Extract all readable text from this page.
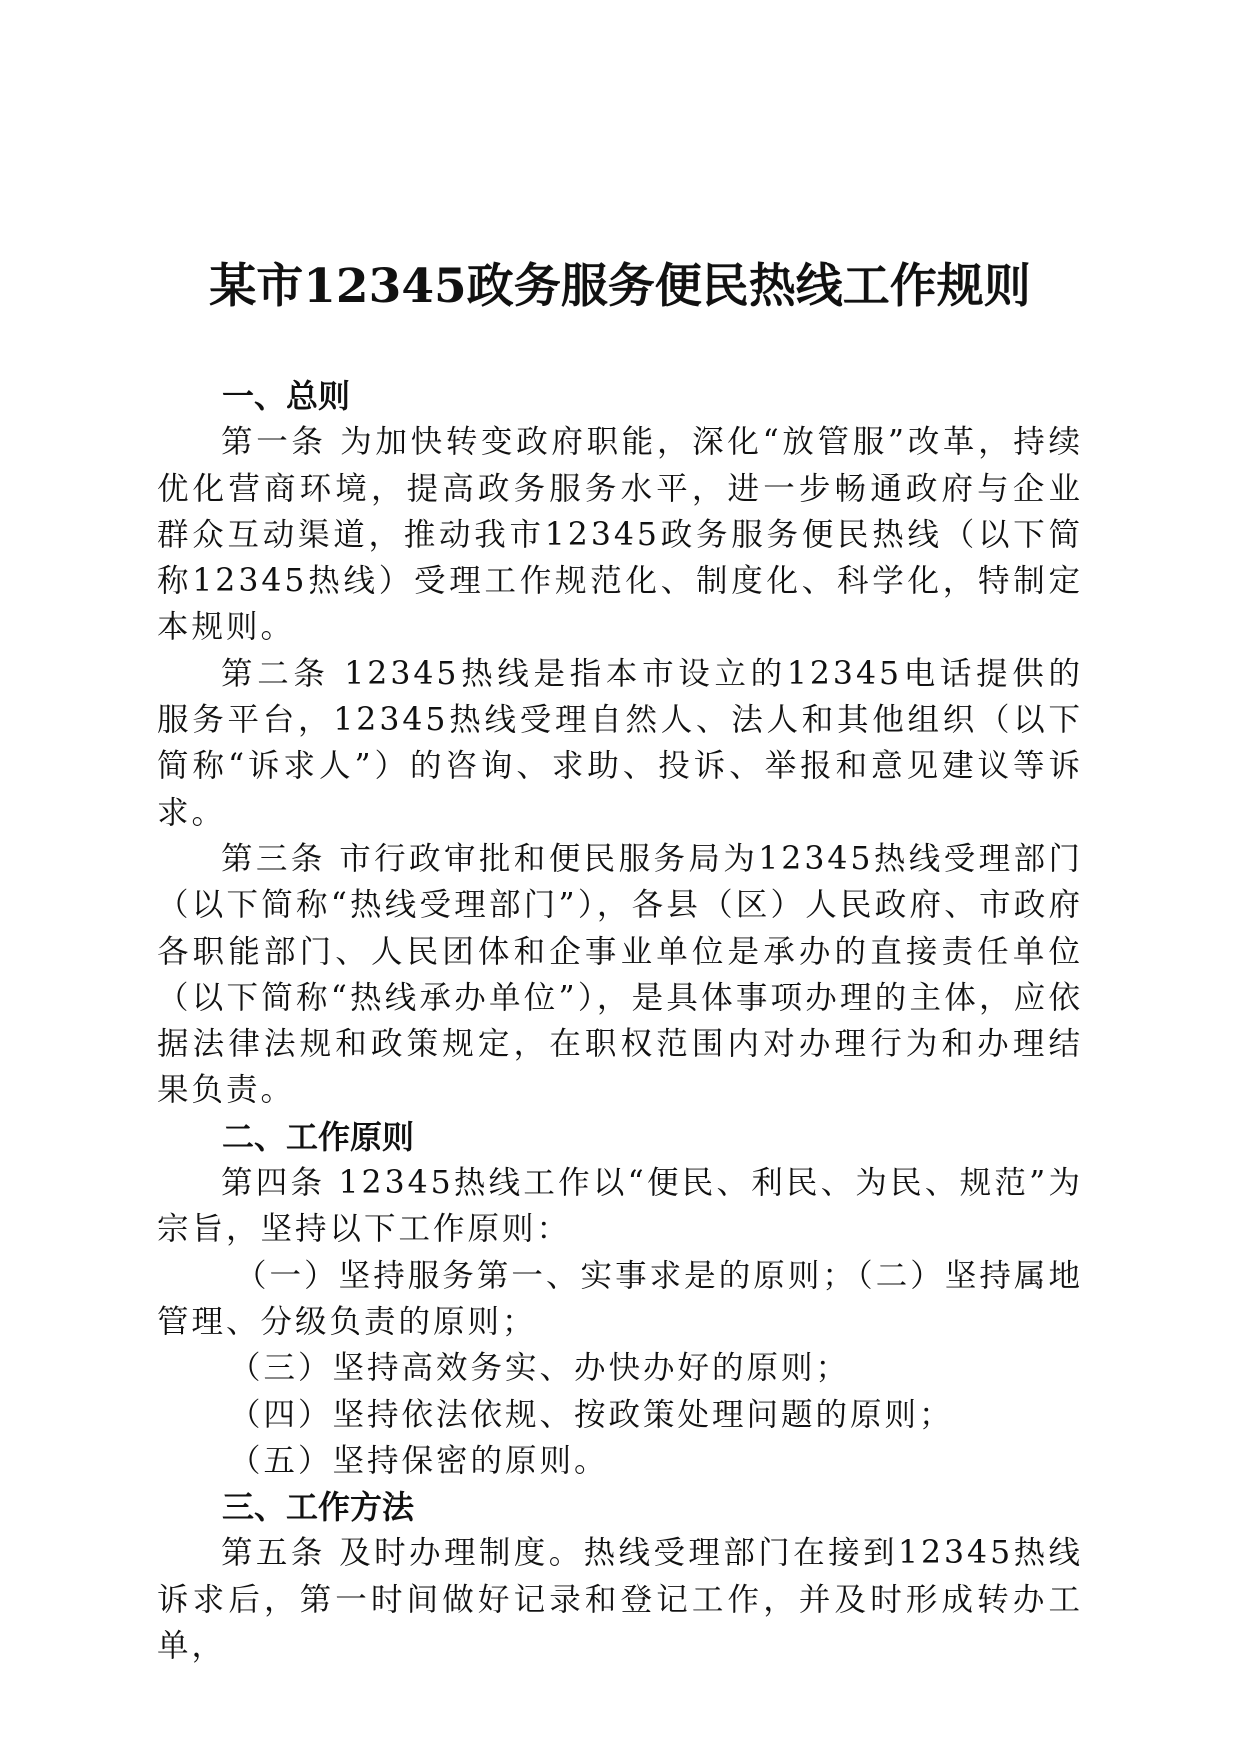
某市12345政务服务便民热线工作规则

一、总则

第一条 为加快转变政府职能，深化“放管服”改革，持续优化营商环境，提高政务服务水平，进一步畅通政府与企业群众互动渠道，推动我市12345政务服务便民热线（以下简称12345热线）受理工作规范化、制度化、科学化，特制定本规则。

第二条 12345热线是指本市设立的12345电话提供的服务平台，12345热线受理自然人、法人和其他组织（以下简称“诉求人”）的咨询、求助、投诉、举报和意见建议等诉求。

第三条 市行政审批和便民服务局为12345热线受理部门（以下简称“热线受理部门”），各县（区）人民政府、市政府各职能部门、人民团体和企事业单位是承办的直接责任单位（以下简称“热线承办单位”），是具体事项办理的主体，应依据法律法规和政策规定，在职权范围内对办理行为和办理结果负责。

二、工作原则

第四条 12345热线工作以“便民、利民、为民、规范”为宗旨，坚持以下工作原则：

（一）坚持服务第一、实事求是的原则；（二）坚持属地管理、分级负责的原则；

（三）坚持高效务实、办快办好的原则；

（四）坚持依法依规、按政策处理问题的原则；

（五）坚持保密的原则。

三、工作方法

第五条 及时办理制度。热线受理部门在接到12345热线诉求后，第一时间做好记录和登记工作，并及时形成转办工单，
